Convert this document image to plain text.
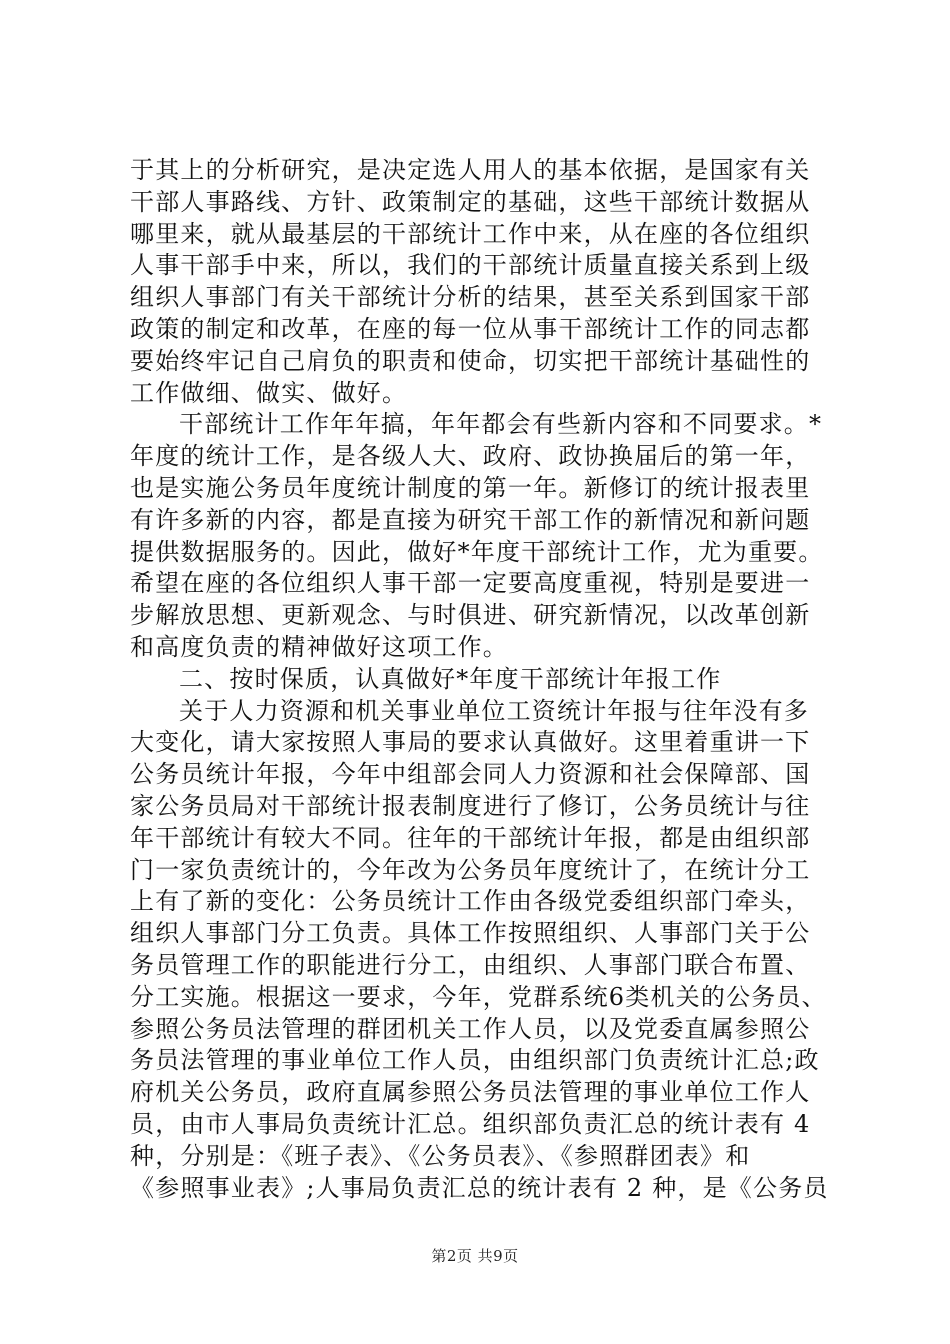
于其上的分析研究，是决定选人用人的基本依据，是国家有关
干部人事路线、方针、政策制定的基础，这些干部统计数据从
哪里来，就从最基层的干部统计工作中来，从在座的各位组织
人事干部手中来，所以，我们的干部统计质量直接关系到上级
组织人事部门有关干部统计分析的结果，甚至关系到国家干部
政策的制定和改革，在座的每一位从事干部统计工作的同志都
要始终牢记自己肩负的职责和使命，切实把干部统计基础性的
工作做细、做实、做好。
干部统计工作年年搞，年年都会有些新内容和不同要求。*
年度的统计工作，是各级人大、政府、政协换届后的第一年，
也是实施公务员年度统计制度的第一年。新修订的统计报表里
有许多新的内容，都是直接为研究干部工作的新情况和新问题
提供数据服务的。因此，做好*年度干部统计工作，尤为重要。
希望在座的各位组织人事干部一定要高度重视，特别是要进一
步解放思想、更新观念、与时俱进、研究新情况，以改革创新
和高度负责的精神做好这项工作。
二、按时保质，认真做好*年度干部统计年报工作
关于人力资源和机关事业单位工资统计年报与往年没有多
大变化，请大家按照人事局的要求认真做好。这里着重讲一下
公务员统计年报，今年中组部会同人力资源和社会保障部、国
家公务员局对干部统计报表制度进行了修订，公务员统计与往
年干部统计有较大不同。往年的干部统计年报，都是由组织部
门一家负责统计的，今年改为公务员年度统计了，在统计分工
上有了新的变化：公务员统计工作由各级党委组织部门牵头，
组织人事部门分工负责。具体工作按照组织、人事部门关于公
务员管理工作的职能进行分工，由组织、人事部门联合布置、
分工实施。根据这一要求，今年，党群系统6类机关的公务员、
参照公务员法管理的群团机关工作人员，以及党委直属参照公
务员法管理的事业单位工作人员，由组织部门负责统计汇总;政
府机关公务员，政府直属参照公务员法管理的事业单位工作人
员，由市人事局负责统计汇总。组织部负责汇总的统计表有 4
种，分别是：《班子表》、《公务员表》、《参照群团表》和
《参照事业表》;人事局负责汇总的统计表有 2 种，是《公务员
第2页 共9页
